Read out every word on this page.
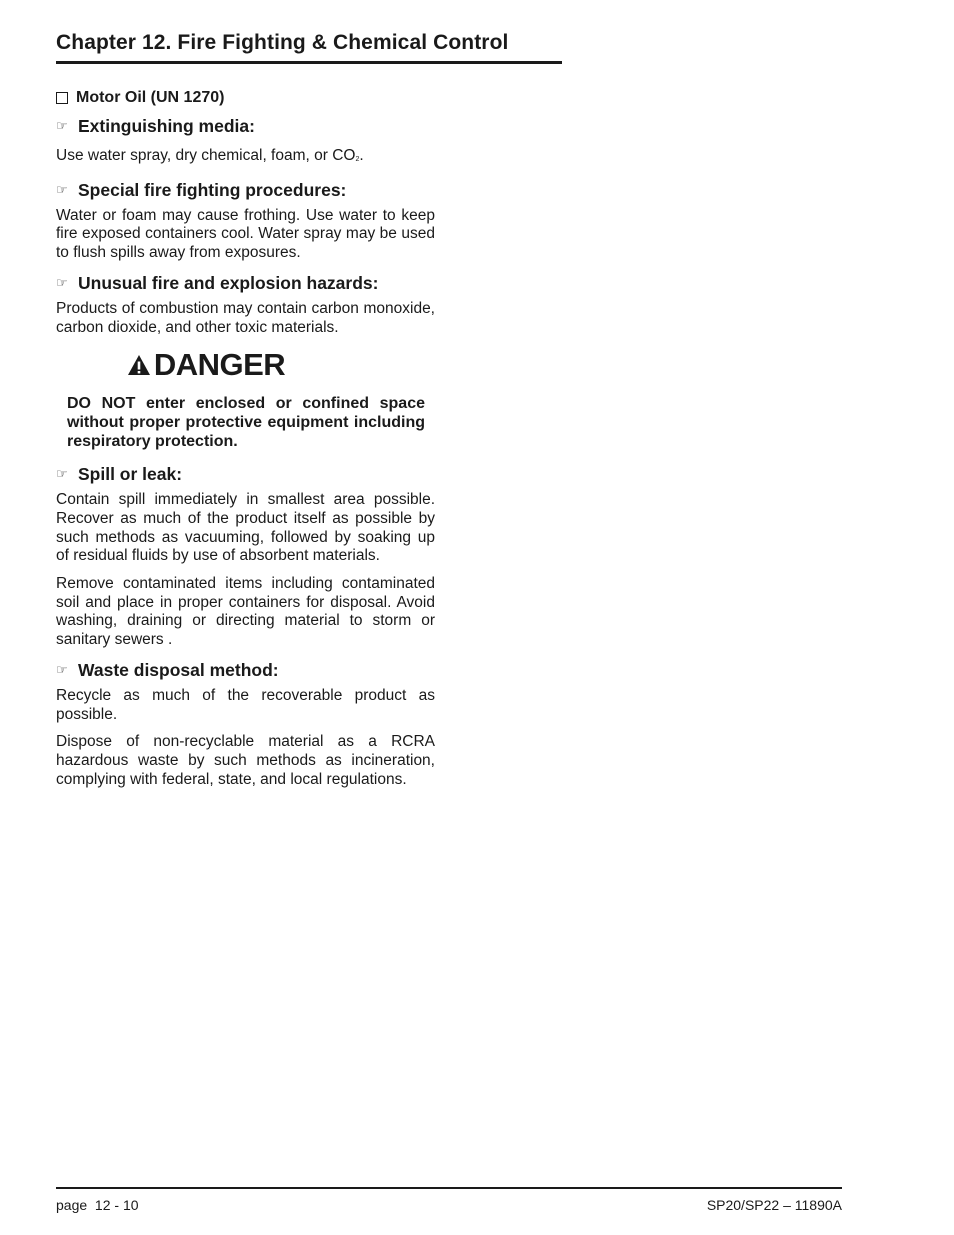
Chapter 12. Fire Fighting & Chemical Control
Motor Oil (UN 1270)
☞ Extinguishing media:

Use water spray, dry chemical, foam, or $CO_2$.

☞ Special fire fighting procedures:

Water or foam may cause frothing. Use water to keep fire exposed containers cool. Water spray may be used to flush spills away from exposures.

☞ Unusual fire and explosion hazards:

Products of combustion may contain carbon monoxide, carbon dioxide, and other toxic materials.

DANGER
DO NOT enter enclosed or confined space without proper protective equipment including respiratory protection.
☞ Spill or leak:

Contain spill immediately in smallest area possible. Recover as much of the product itself as possible by such methods as vacuuming, followed by soaking up of residual fluids by use of absorbent materials.

Remove contaminated items including contaminated soil and place in proper containers for disposal. Avoid washing, draining or directing material to storm or sanitary sewers .

☞ Waste disposal method:

Recycle as much of the recoverable product as possible.

Dispose of non-recyclable material as a RCRA hazardous waste by such methods as incineration, complying with federal, state, and local regulations.

page  12 - 10	SP20/SP22 – 11890A
